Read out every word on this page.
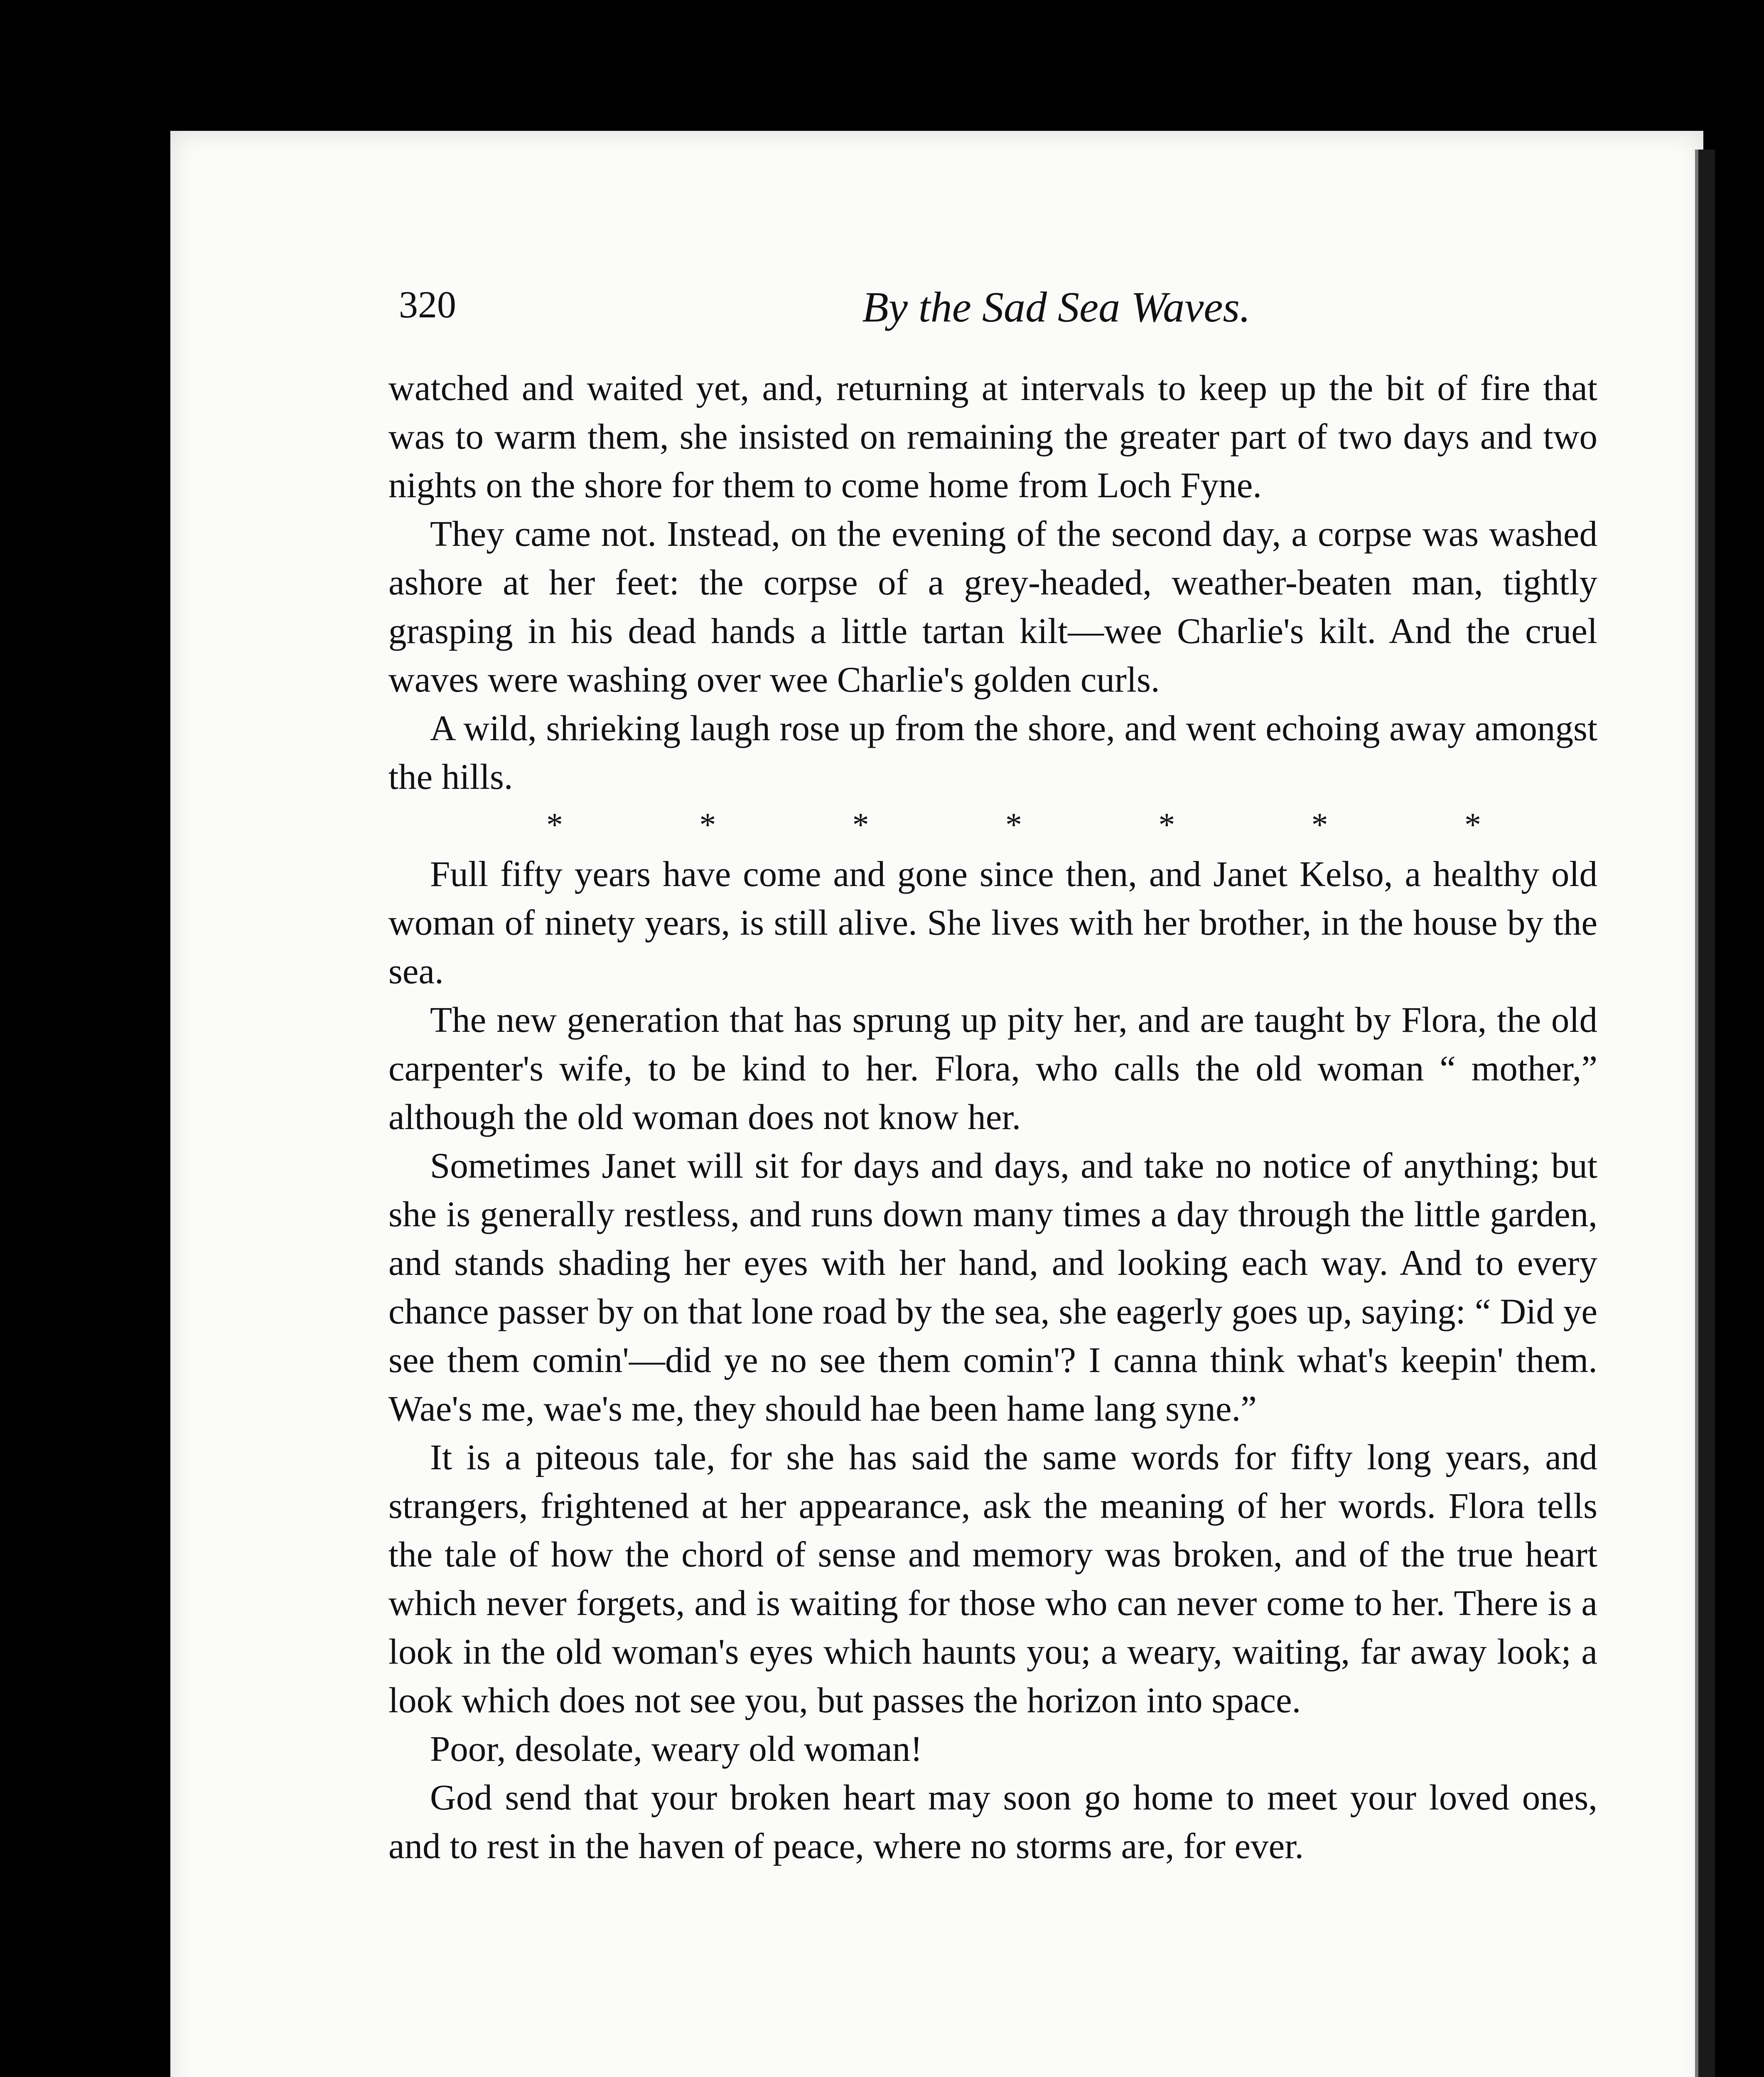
320	By the Sad Sea Waves.

watched and waited yet, and, returning at intervals to keep up the bit of fire that was to warm them, she insisted on remaining the greater part of two days and two nights on the shore for them to come home from Loch Fyne.

They came not. Instead, on the evening of the second day, a corpse was washed ashore at her feet: the corpse of a grey-headed, weather-beaten man, tightly grasping in his dead hands a little tartan kilt—wee Charlie's kilt. And the cruel waves were washing over wee Charlie's golden curls.

A wild, shrieking laugh rose up from the shore, and went echoing away amongst the hills.

*	*	*	*	*	*	*

Full fifty years have come and gone since then, and Janet Kelso, a healthy old woman of ninety years, is still alive. She lives with her brother, in the house by the sea.

The new generation that has sprung up pity her, and are taught by Flora, the old carpenter's wife, to be kind to her. Flora, who calls the old woman “ mother,” although the old woman does not know her.

Sometimes Janet will sit for days and days, and take no notice of anything; but she is generally restless, and runs down many times a day through the little garden, and stands shading her eyes with her hand, and looking each way. And to every chance passer by on that lone road by the sea, she eagerly goes up, saying: “ Did ye see them comin'—did ye no see them comin'? I canna think what's keepin' them. Wae's me, wae's me, they should hae been hame lang syne.”

It is a piteous tale, for she has said the same words for fifty long years, and strangers, frightened at her appearance, ask the meaning of her words. Flora tells the tale of how the chord of sense and memory was broken, and of the true heart which never forgets, and is waiting for those who can never come to her. There is a look in the old woman's eyes which haunts you; a weary, waiting, far away look; a look which does not see you, but passes the horizon into space.

Poor, desolate, weary old woman!

God send that your broken heart may soon go home to meet your loved ones, and to rest in the haven of peace, where no storms are, for ever.
